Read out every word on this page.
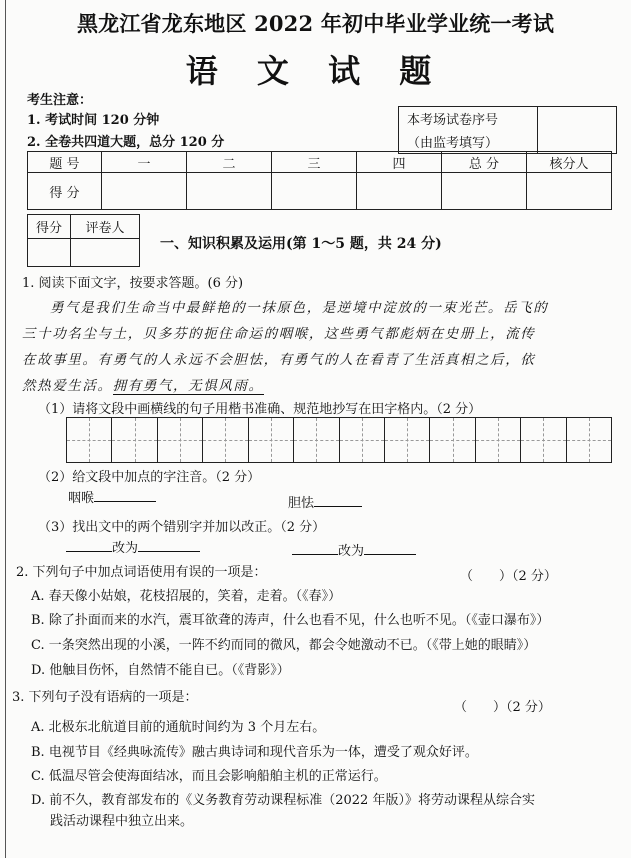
黑龙江省龙东地区 2022 年初中毕业学业统一考试
语 文 试 题
考生注意：
1. 考试时间 120 分钟
2. 全卷共四道大题，总分 120 分
本考场试卷序号	
（由监考填写）
题 号	一	二	三	四	总 分	核分人
得 分						
得分	评卷人

一、知识积累及运用(第 1～5 题，共 24 分)
1. 阅读下面文字，按要求答题。(6 分)
勇气是我们生命当中最鲜艳的一抹原色，是逆境中淀放的一束光芒。岳飞的
三十功名尘与土，贝多芬的扼住命运的咽喉，这些勇气都彪炳在史册上，流传
在故事里。有勇气的人永远不会胆怯，有勇气的人在看青了生活真相之后，依
然热爱生活。拥有勇气，无惧风雨。
（1）请将文段中画横线的句子用楷书准确、规范地抄写在田字格内。（2 分）
（2）给文段中加点的字注音。（2 分）
咽喉	胆怯
（3）找出文中的两个错别字并加以改正。（2 分）
改为	改为
2. 下列句子中加点词语使用有误的一项是：	（　　）（2 分）
A. 春天像小姑娘，花枝招展的，笑着，走着。（《春》）
B. 除了扑面而来的水汽，震耳欲聋的涛声，什么也看不见，什么也听不见。（《壶口瀑布》）
C. 一条突然出现的小溪，一阵不约而同的微风，都会令她激动不已。（《带上她的眼睛》）
D. 他触目伤怀，自然情不能自已。（《背影》）
3. 下列句子没有语病的一项是：
（　　）（2 分）
A. 北极东北航道目前的通航时间约为 3 个月左右。
B. 电视节目《经典咏流传》融古典诗词和现代音乐为一体，遭受了观众好评。
C. 低温尽管会使海面结冰，而且会影响船舶主机的正常运行。
D. 前不久，教育部发布的《义务教育劳动课程标准（2022 年版）》将劳动课程从综合实
践活动课程中独立出来。
